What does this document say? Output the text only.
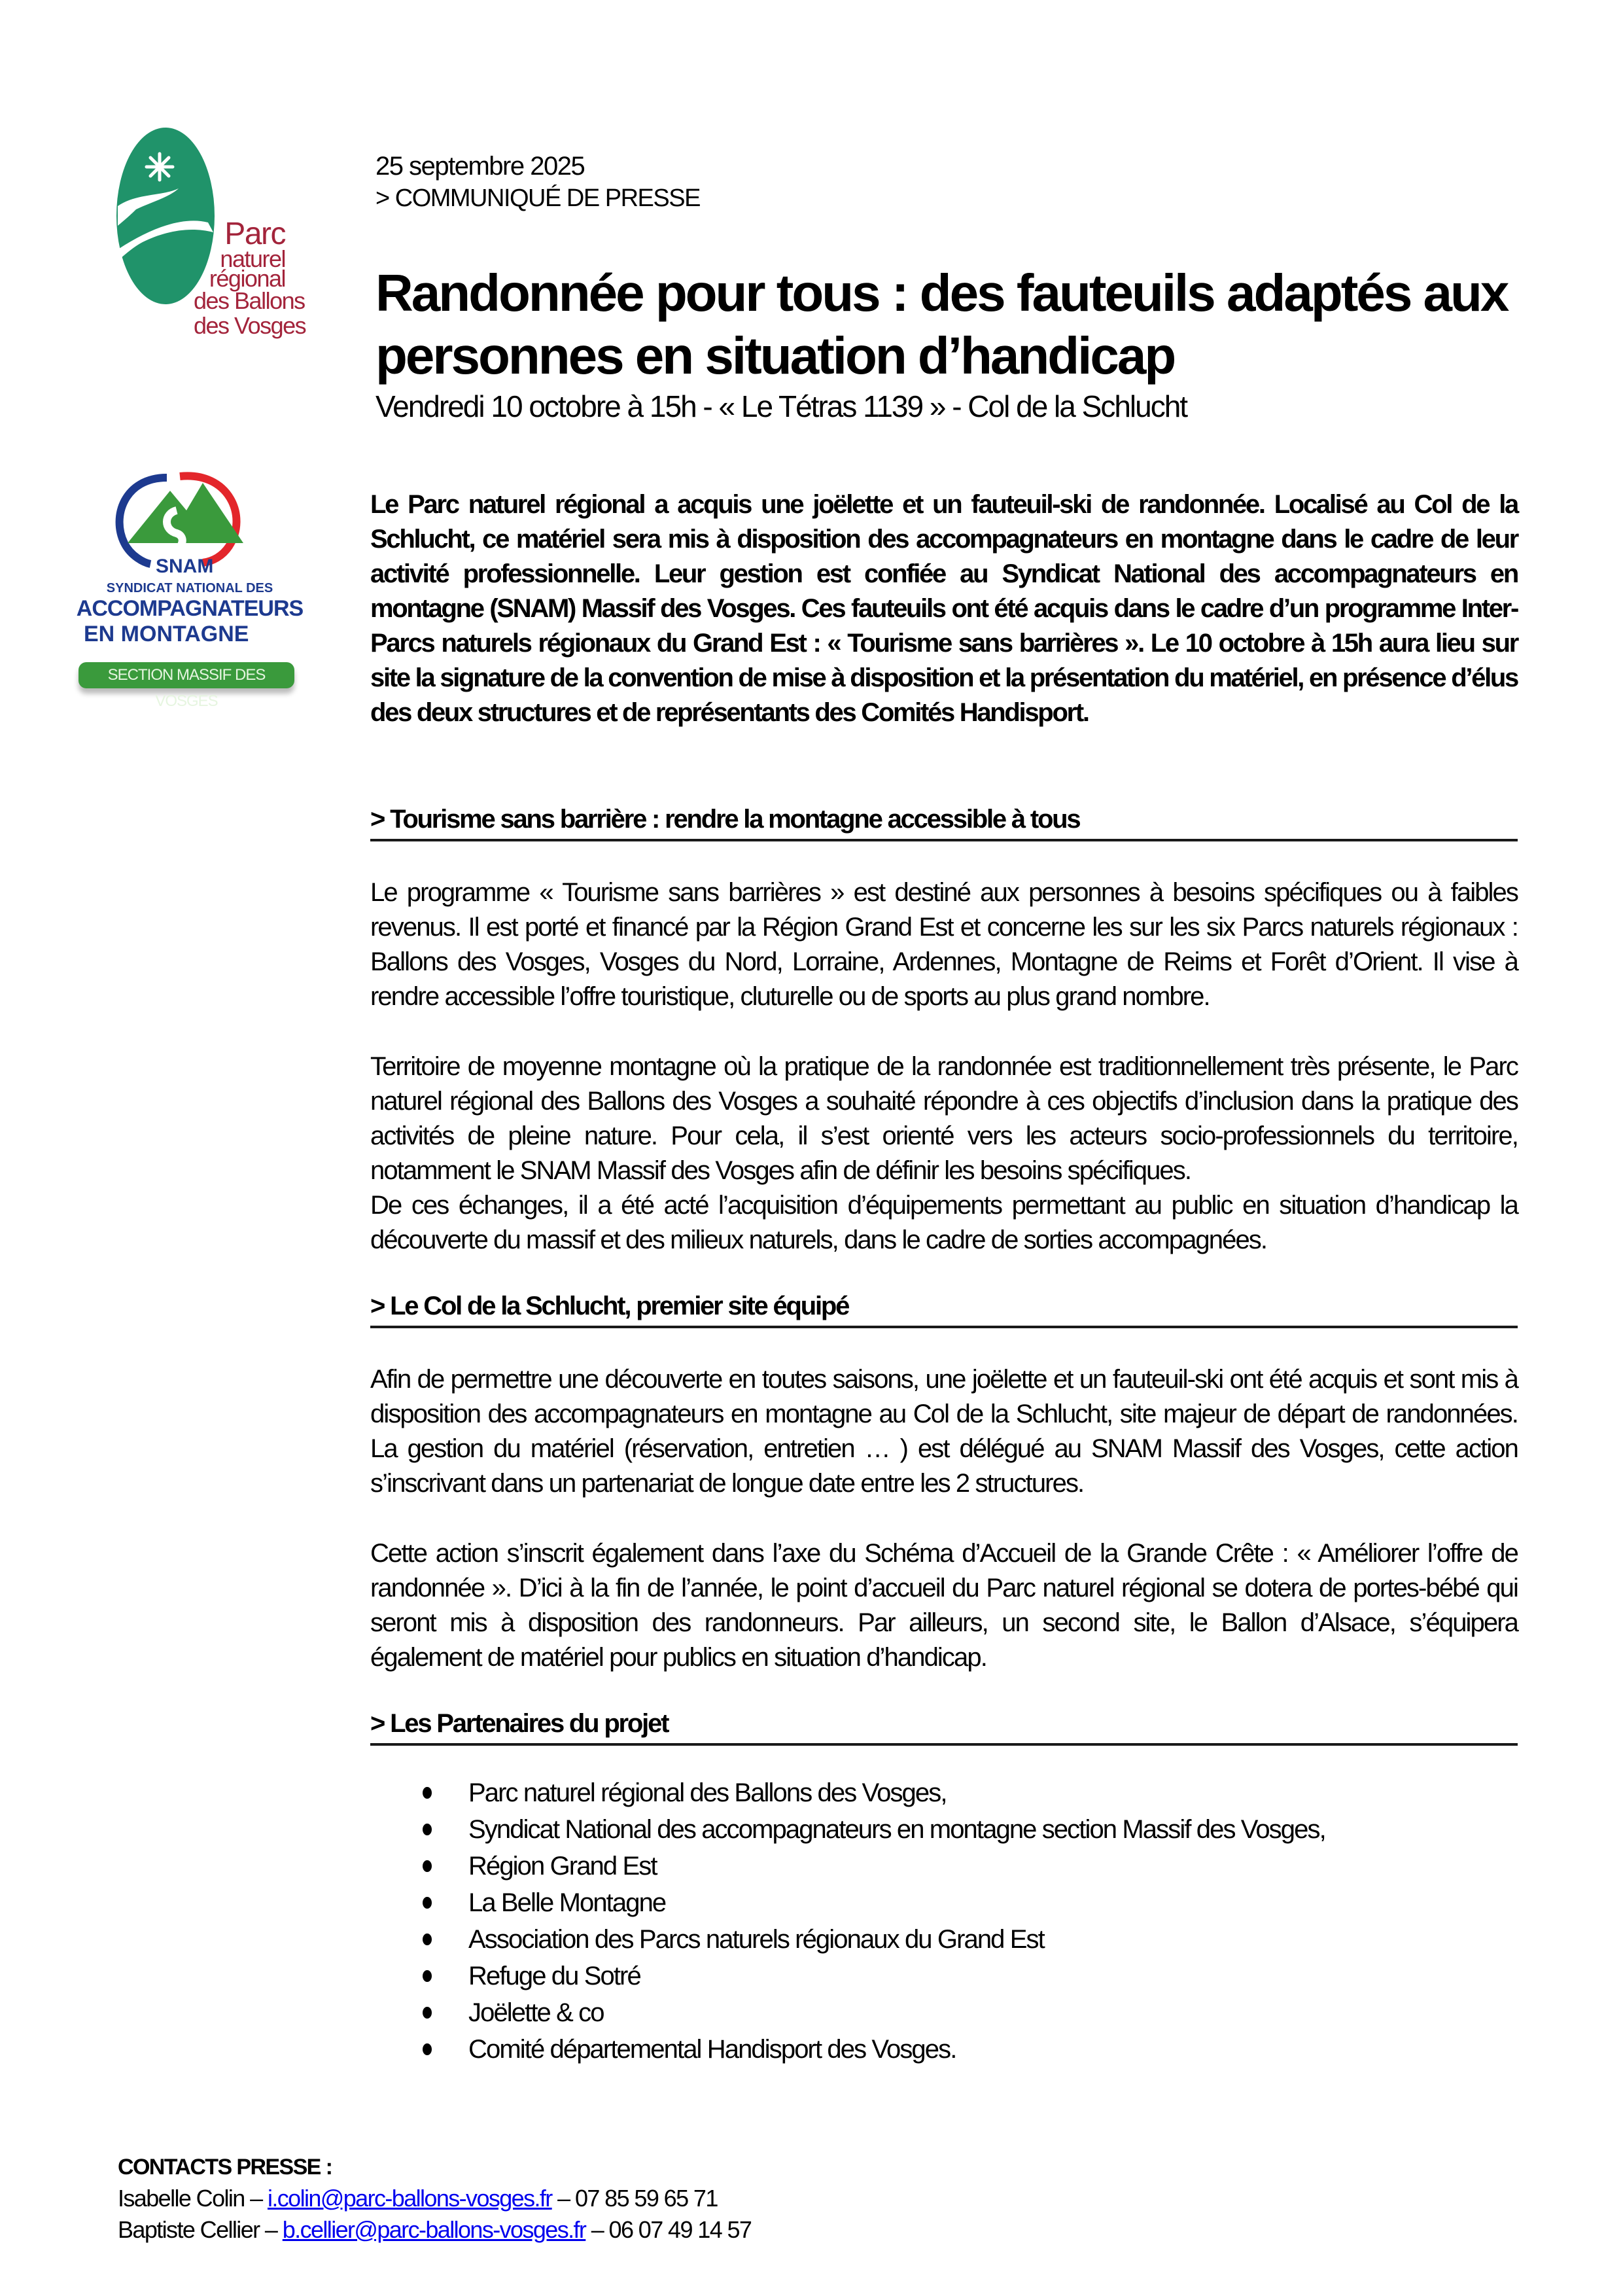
Parc
naturel
régional
des Ballons
des Vosges
SNAM
SYNDICAT NATIONAL DES
ACCOMPAGNATEURS
EN MONTAGNE
SECTION MASSIF DES VOSGES
25 septembre 2025
> COMMUNIQUÉ DE PRESSE
Randonnée pour tous : des fauteuils adaptés aux personnes en situation d’handicap
Vendredi 10 octobre à 15h - « Le Tétras 1139 » - Col de la Schlucht

Le Parc naturel régional a acquis une joëlette et un fauteuil-ski de randonnée. Localisé au Col de la Schlucht, ce matériel sera mis à disposition des accompagnateurs en montagne dans le cadre de leur activité professionnelle. Leur gestion est confiée au Syndicat National des accompagnateurs en montagne (SNAM) Massif des Vosges. Ces fauteuils ont été acquis dans le cadre d’un programme Inter-Parcs naturels régionaux du Grand Est : « Tourisme sans barrières ». Le 10 octobre à 15h aura lieu sur site la signature de la convention de mise à disposition et la présentation du matériel, en présence d’élus des deux structures et de représentants des Comités Handisport.

> Tourisme sans barrière : rendre la montagne accessible à tous

Le programme « Tourisme sans barrières » est destiné aux personnes à besoins spécifiques ou à faibles revenus. Il est porté et financé par la Région Grand Est et concerne les sur les six Parcs naturels régionaux : Ballons des Vosges, Vosges du Nord, Lorraine, Ardennes, Montagne de Reims et Forêt d’Orient. Il vise à rendre accessible l’offre touristique, cluturelle ou de sports au plus grand nombre.

Territoire de moyenne montagne où la pratique de la randonnée est traditionnellement très présente, le Parc naturel régional des Ballons des Vosges a souhaité répondre à ces objectifs d’inclusion dans la pratique des activités de pleine nature. Pour cela, il s’est orienté vers les acteurs socio-professionnels du territoire, notamment le SNAM Massif des Vosges afin de définir les besoins spécifiques.

De ces échanges, il a été acté l’acquisition d’équipements permettant au public en situation d’handicap la découverte du massif et des milieux naturels, dans le cadre de sorties accompagnées.

> Le Col de la Schlucht, premier site équipé

Afin de permettre une découverte en toutes saisons, une joëlette et un fauteuil-ski ont été acquis et sont mis à disposition des accompagnateurs en montagne au Col de la Schlucht, site majeur de départ de randonnées. La gestion du matériel (réservation, entretien … ) est délégué au SNAM Massif des Vosges, cette action s’inscrivant dans un partenariat de longue date entre les 2 structures.

Cette action s’inscrit également dans l’axe du Schéma d’Accueil de la Grande Crête : « Améliorer l’offre de randonnée ». D’ici à la fin de l’année, le point d’accueil du Parc naturel régional se dotera de portes-bébé qui seront mis à disposition des randonneurs. Par ailleurs, un second site, le Ballon d’Alsace, s’équipera également de matériel pour publics en situation d’handicap.

> Les Partenaires du projet
Parc naturel régional des Ballons des Vosges,
Syndicat National des accompagnateurs en montagne section Massif des Vosges,
Région Grand Est
La Belle Montagne
Association des Parcs naturels régionaux du Grand Est
Refuge du Sotré
Joëlette & co
Comité départemental Handisport des Vosges.
CONTACTS PRESSE :
Isabelle Colin – i.colin@parc-ballons-vosges.fr – 07 85 59 65 71
Baptiste Cellier – b.cellier@parc-ballons-vosges.fr – 06 07 49 14 57
